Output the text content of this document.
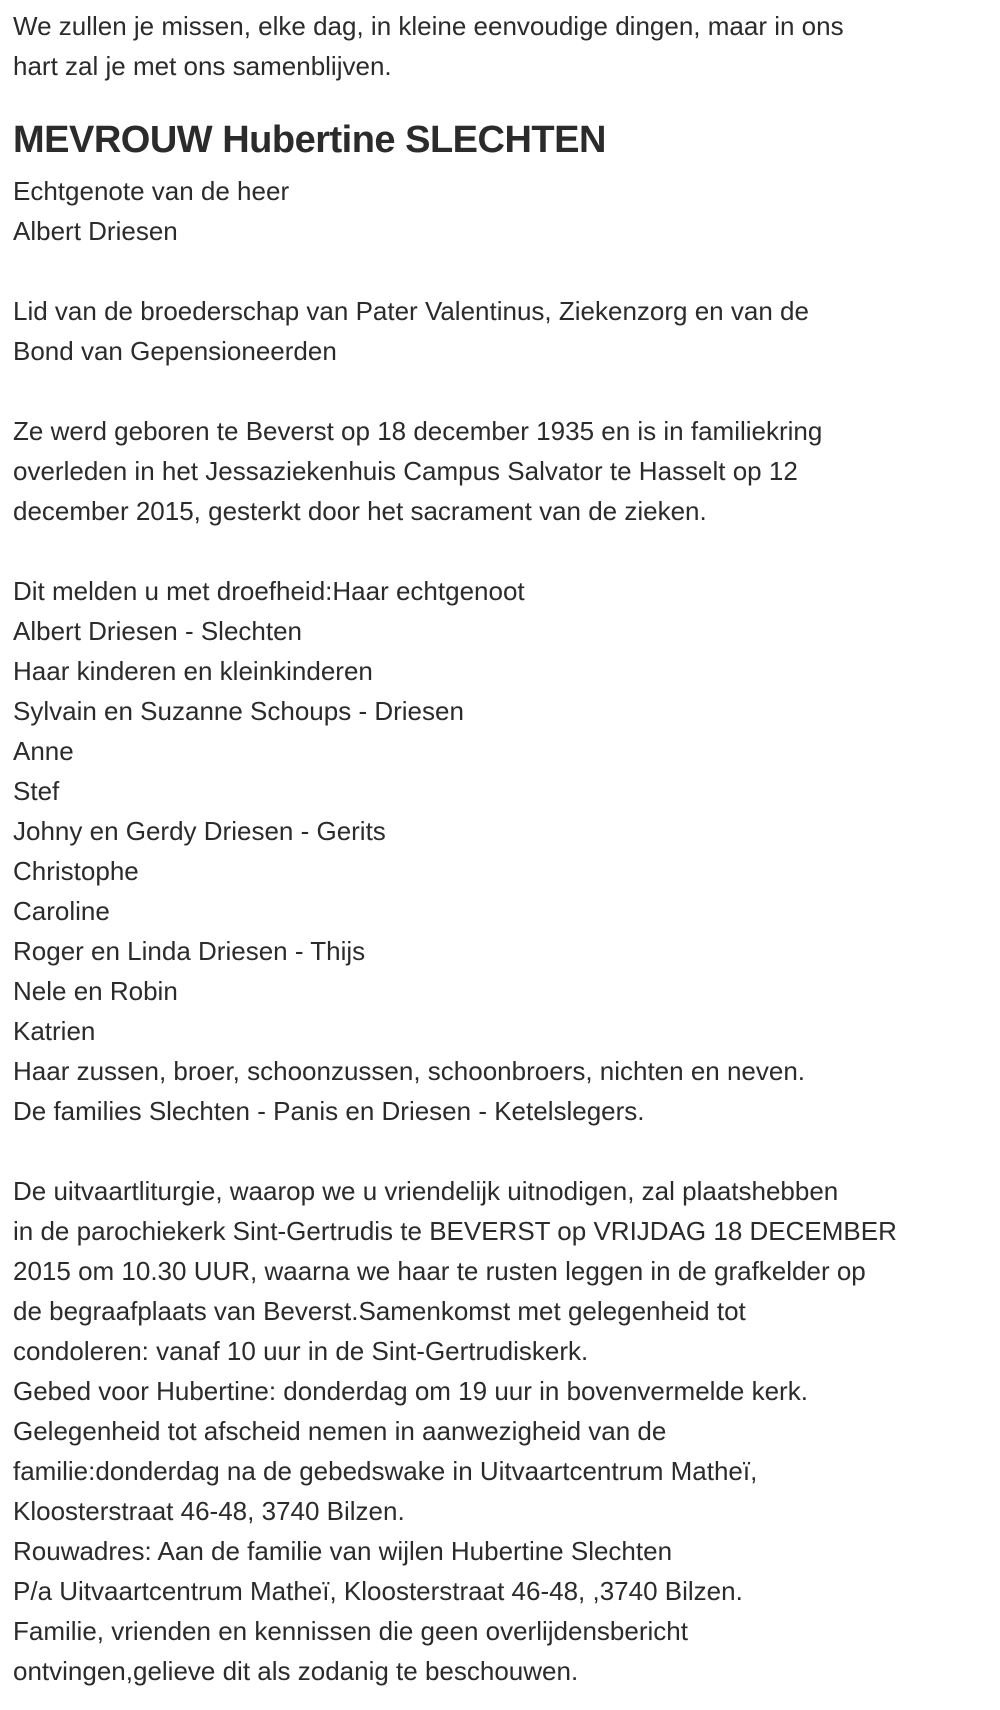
We zullen je missen, elke dag, in kleine eenvoudige dingen, maar in ons
hart zal je met ons samenblijven.
MEVROUW Hubertine SLECHTEN
Echtgenote van de heer
Albert Driesen
Lid van de broederschap van Pater Valentinus, Ziekenzorg en van de
Bond van Gepensioneerden
Ze werd geboren te Beverst op 18 december 1935 en is in familiekring
overleden in het Jessaziekenhuis Campus Salvator te Hasselt op 12
december 2015, gesterkt door het sacrament van de zieken.
Dit melden u met droefheid:Haar echtgenoot
Albert Driesen - Slechten
Haar kinderen en kleinkinderen
Sylvain en Suzanne Schoups - Driesen
Anne
Stef
Johny en Gerdy Driesen - Gerits
Christophe
Caroline
Roger en Linda Driesen - Thijs
Nele en Robin
Katrien
Haar zussen, broer, schoonzussen, schoonbroers, nichten en neven.
De families Slechten - Panis en Driesen - Ketelslegers.
De uitvaartliturgie, waarop we u vriendelijk uitnodigen, zal plaatshebben
in de parochiekerk Sint-Gertrudis te BEVERST op VRIJDAG 18 DECEMBER
2015 om 10.30 UUR, waarna we haar te rusten leggen in de grafkelder op
de begraafplaats van Beverst.Samenkomst met gelegenheid tot
condoleren: vanaf 10 uur in de Sint-Gertrudiskerk.
Gebed voor Hubertine: donderdag om 19 uur in bovenvermelde kerk.
Gelegenheid tot afscheid nemen in aanwezigheid van de
familie:donderdag na de gebedswake in Uitvaartcentrum Matheï,
Kloosterstraat 46-48, 3740 Bilzen.
Rouwadres: Aan de familie van wijlen Hubertine Slechten
P/a Uitvaartcentrum Matheï, Kloosterstraat 46-48, ,3740 Bilzen.
Familie, vrienden en kennissen die geen overlijdensbericht
ontvingen,gelieve dit als zodanig te beschouwen.
